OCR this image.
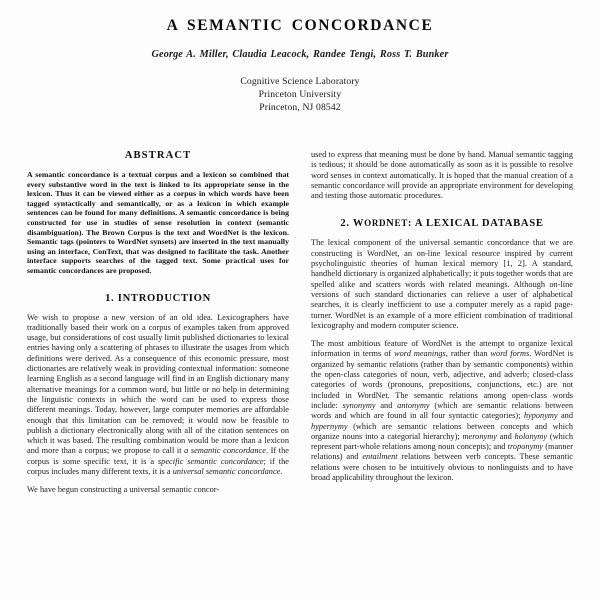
A SEMANTIC CONCORDANCE
George A. Miller, Claudia Leacock, Randee Tengi, Ross T. Bunker
Cognitive Science Laboratory
Princeton University
Princeton, NJ 08542
ABSTRACT

A semantic concordance is a textual corpus and a lexicon so combined that every substantive word in the text is linked to its appropriate sense in the lexicon. Thus it can be viewed either as a corpus in which words have been tagged syntactically and semantically, or as a lexicon in which example sentences can be found for many definitions. A semantic concordance is being constructed for use in studies of sense resolution in context (semantic disambiguation). The Brown Corpus is the text and WordNet is the lexicon. Semantic tags (pointers to WordNet synsets) are inserted in the text manually using an interface, ConText, that was designed to facilitate the task. Another interface supports searches of the tagged text. Some practical uses for semantic concordances are proposed.

1. INTRODUCTION

We wish to propose a new version of an old idea. Lexicographers have traditionally based their work on a corpus of examples taken from approved usage, but considerations of cost usually limit published dictionaries to lexical entries having only a scattering of phrases to illustrate the usages from which definitions were derived. As a consequence of this economic pressure, most dictionaries are relatively weak in providing contextual information: someone learning English as a second language will find in an English dictionary many alternative meanings for a common word, but little or no help in determining the linguistic contexts in which the word can be used to express those different meanings. Today, however, large computer memories are affordable enough that this limitation can be removed; it would now be feasible to publish a dictionary electronically along with all of the citation sentences on which it was based. The resulting combination would be more than a lexicon and more than a corpus; we propose to call it a semantic concordance. If the corpus is some specific text, it is a specific semantic concordance; if the corpus includes many different texts, it is a universal semantic concordance.

We have begun constructing a universal semantic concor-

used to express that meaning must be done by hand. Manual semantic tagging is tedious; it should be done automatically as soon as it is possible to resolve word senses in context automatically. It is hoped that the manual creation of a semantic concordance will provide an appropriate environment for developing and testing those automatic procedures.

2. WORDNET: A LEXICAL DATABASE

The lexical component of the universal semantic concordance that we are constructing is WordNet, an on-line lexical resource inspired by current psycholinguistic theories of human lexical memory [1, 2]. A standard, handheld dictionary is organized alphabetically; it puts together words that are spelled alike and scatters words with related meanings. Although on-line versions of such standard dictionaries can relieve a user of alphabetical searches, it is clearly inefficient to use a computer merely as a rapid page-turner. WordNet is an example of a more efficient combination of traditional lexicography and modern computer science.

The most ambitious feature of WordNet is the attempt to organize lexical information in terms of word meanings, rather than word forms. WordNet is organized by semantic relations (rather than by semantic components) within the open-class categories of noun, verb, adjective, and adverb; closed-class categories of words (pronouns, prepositions, conjunctions, etc.) are not included in WordNet. The semantic relations among open-class words include: synonymy and antonymy (which are semantic relations between words and which are found in all four syntactic categories); hyponymy and hypernymy (which are semantic relations between concepts and which organize nouns into a categorial hierarchy); meronymy and holonymy (which represent part-whole relations among noun concepts); and troponymy (manner relations) and entailment relations between verb concepts. These semantic relations were chosen to be intuitively obvious to nonlinguists and to have broad applicability throughout the lexicon.
